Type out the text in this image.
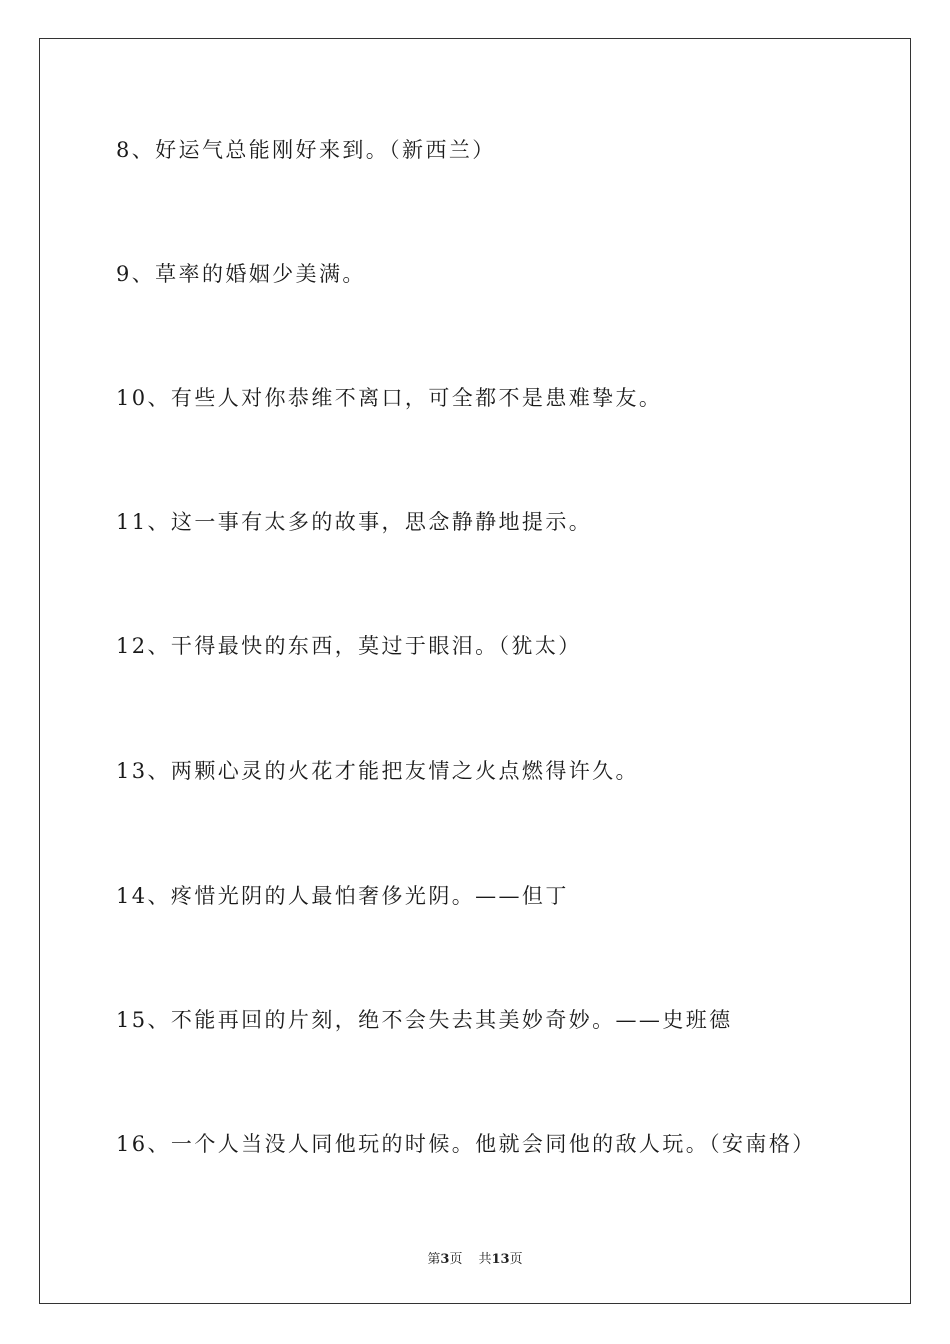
8、好运气总能刚好来到。（新西兰）
9、草率的婚姻少美满。
10、有些人对你恭维不离口，可全都不是患难挚友。
11、这一事有太多的故事，思念静静地提示。
12、干得最快的东西，莫过于眼泪。（犹太）
13、两颗心灵的火花才能把友情之火点燃得许久。
14、疼惜光阴的人最怕奢侈光阴。——但丁
15、不能再回的片刻，绝不会失去其美妙奇妙。——史班德
16、一个人当没人同他玩的时候。他就会同他的敌人玩。（安南格）
第3页 共13页
